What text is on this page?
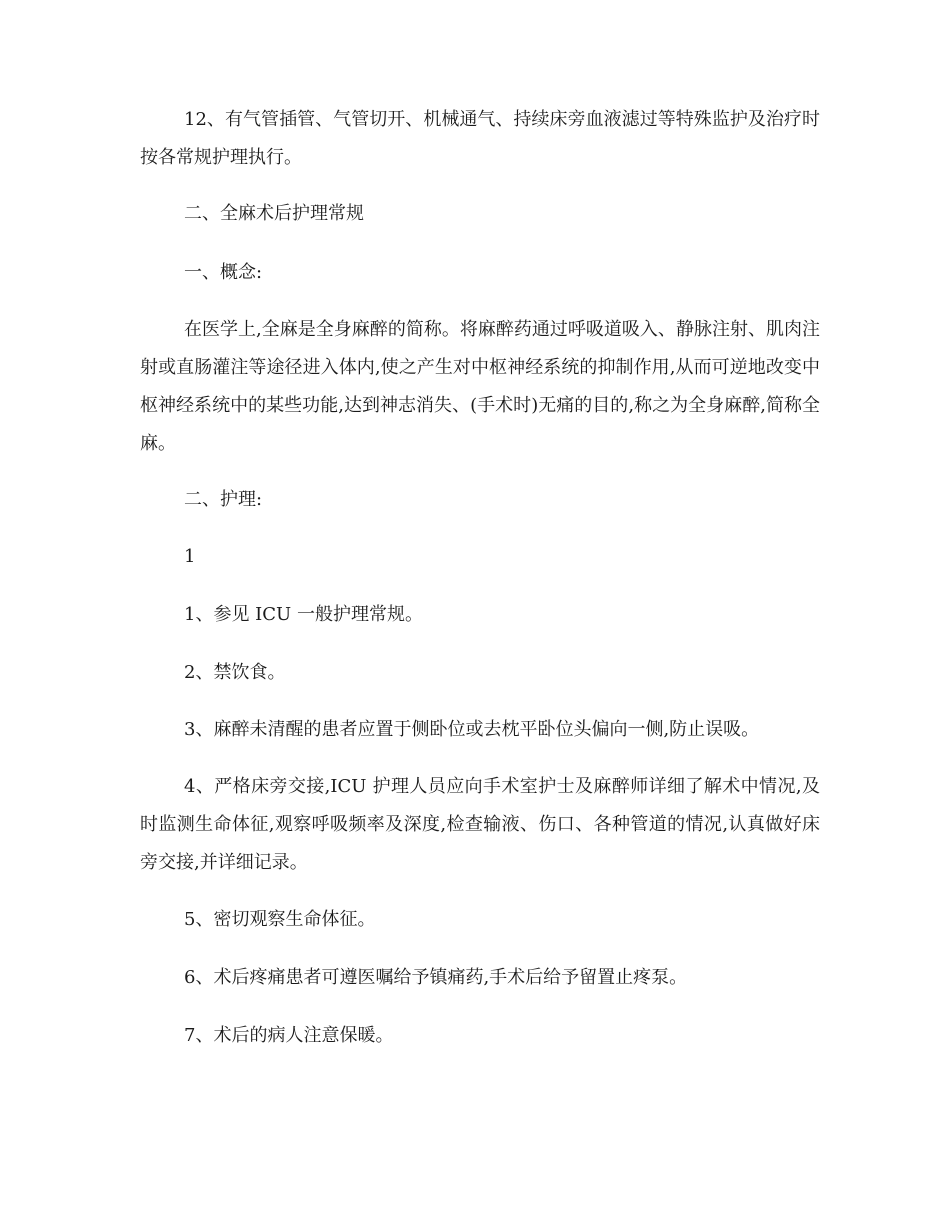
12、有气管插管、气管切开、机械通气、持续床旁血液滤过等特殊监护及治疗时按各常规护理执行。

二、全麻术后护理常规

一、概念:

在医学上,全麻是全身麻醉的简称。将麻醉药通过呼吸道吸入、静脉注射、肌肉注射或直肠灌注等途径进入体内,使之产生对中枢神经系统的抑制作用,从而可逆地改变中枢神经系统中的某些功能,达到神志消失、(手术时)无痛的目的,称之为全身麻醉,简称全麻。

二、护理:

1

1、参见 ICU 一般护理常规。

2、禁饮食。

3、麻醉未清醒的患者应置于侧卧位或去枕平卧位头偏向一侧,防止误吸。

4、严格床旁交接,ICU 护理人员应向手术室护士及麻醉师详细了解术中情况,及时监测生命体征,观察呼吸频率及深度,检查输液、伤口、各种管道的情况,认真做好床旁交接,并详细记录。

5、密切观察生命体征。

6、术后疼痛患者可遵医嘱给予镇痛药,手术后给予留置止疼泵。

7、术后的病人注意保暖。
